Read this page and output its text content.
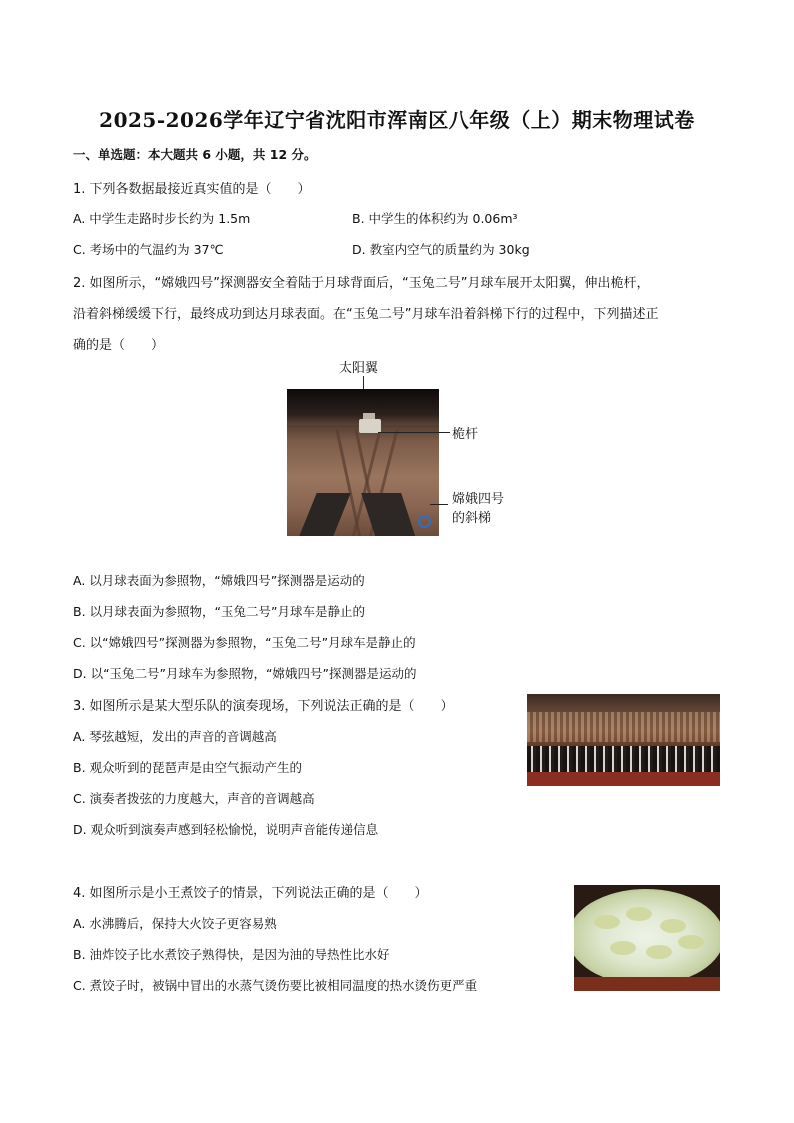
2025-2026学年辽宁省沈阳市浑南区八年级（上）期末物理试卷
一、单选题：本大题共 6 小题，共 12 分。
1. 下列各数据最接近真实值的是（　　）
A. 中学生走路时步长约为 1.5m	B. 中学生的体积约为 0.06m³
C. 考场中的气温约为 37℃	D. 教室内空气的质量约为 30kg
2. 如图所示，“嫦娥四号”探测器安全着陆于月球背面后，“玉兔二号”月球车展开太阳翼，伸出桅杆，
沿着斜梯缓缓下行，最终成功到达月球表面。在“玉兔二号”月球车沿着斜梯下行的过程中，下列描述正
确的是（　　）
太阳翼
桅杆
嫦娥四号
的斜梯
A. 以月球表面为参照物，“嫦娥四号”探测器是运动的
B. 以月球表面为参照物，“玉兔二号”月球车是静止的
C. 以“嫦娥四号”探测器为参照物，“玉兔二号”月球车是静止的
D. 以“玉兔二号”月球车为参照物，“嫦娥四号”探测器是运动的
3. 如图所示是某大型乐队的演奏现场，下列说法正确的是（　　）
A. 琴弦越短，发出的声音的音调越高
B. 观众听到的琵琶声是由空气振动产生的
C. 演奏者拨弦的力度越大，声音的音调越高
D. 观众听到演奏声感到轻松愉悦，说明声音能传递信息
4. 如图所示是小王煮饺子的情景，下列说法正确的是（　　）
A. 水沸腾后，保持大火饺子更容易熟
B. 油炸饺子比水煮饺子熟得快，是因为油的导热性比水好
C. 煮饺子时，被锅中冒出的水蒸气烫伤要比被相同温度的热水烫伤更严重
